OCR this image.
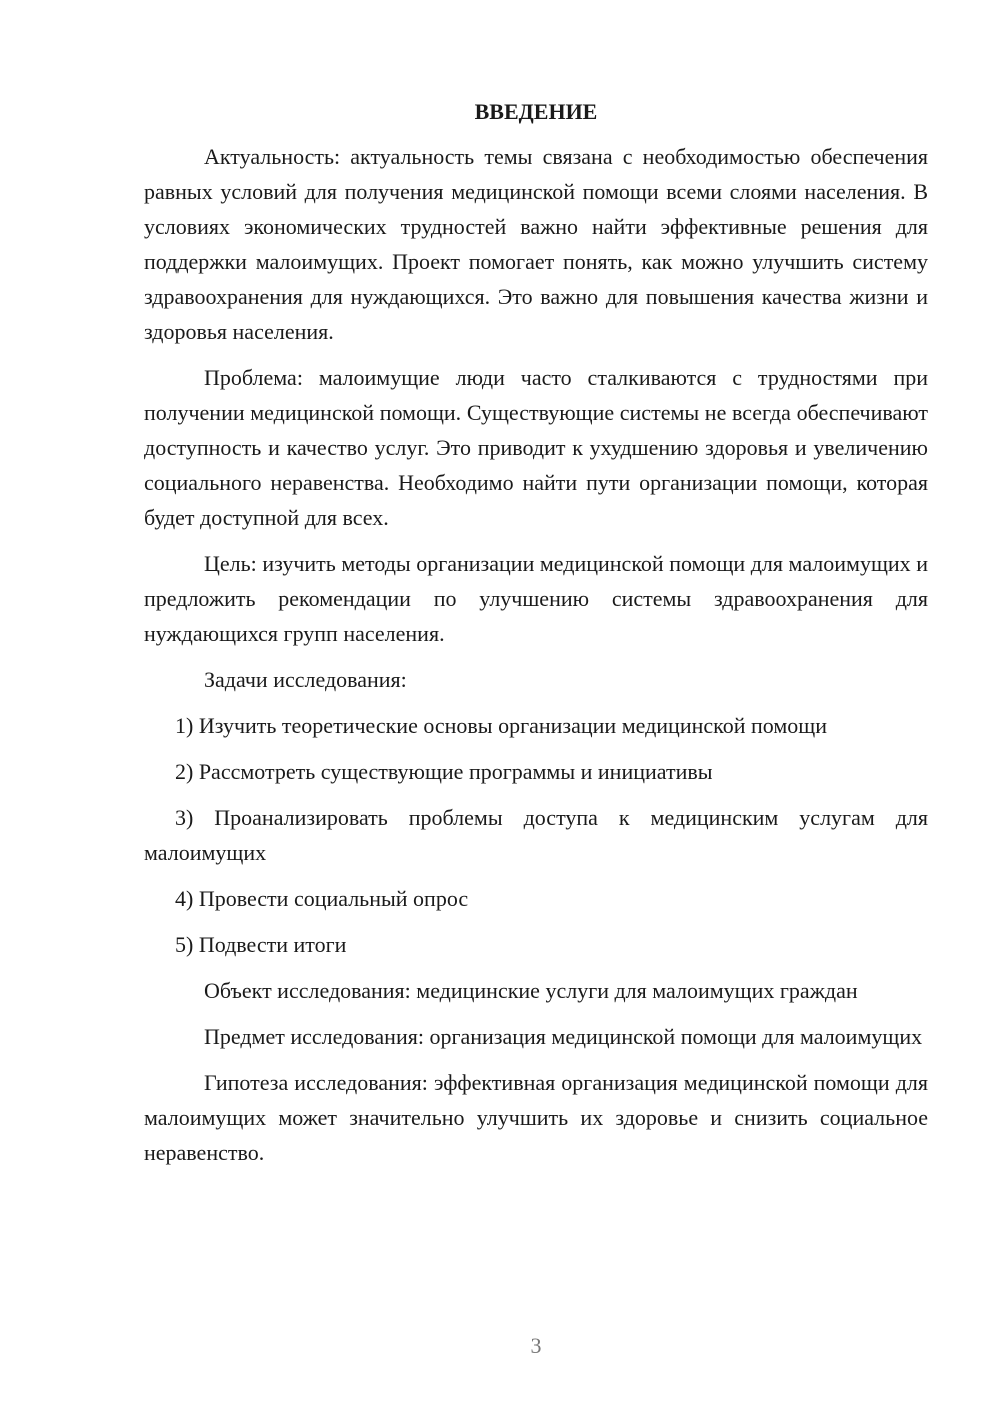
ВВЕДЕНИЕ

Актуальность: актуальность темы связана с необходимостью обеспечения равных условий для получения медицинской помощи всеми слоями населения. В условиях экономических трудностей важно найти эффективные решения для поддержки малоимущих. Проект помогает понять, как можно улучшить систему здравоохранения для нуждающихся. Это важно для повышения качества жизни и здоровья населения.

Проблема: малоимущие люди часто сталкиваются с трудностями при получении медицинской помощи. Существующие системы не всегда обеспечивают доступность и качество услуг. Это приводит к ухудшению здоровья и увеличению социального неравенства. Необходимо найти пути организации помощи, которая будет доступной для всех.

Цель: изучить методы организации медицинской помощи для малоимущих и предложить рекомендации по улучшению системы здравоохранения для нуждающихся групп населения.

Задачи исследования:

1) Изучить теоретические основы организации медицинской помощи

2) Рассмотреть существующие программы и инициативы

3) Проанализировать проблемы доступа к медицинским услугам для малоимущих

4) Провести социальный опрос

5) Подвести итоги

Объект исследования: медицинские услуги для малоимущих граждан

Предмет исследования: организация медицинской помощи для малоимущих

Гипотеза исследования: эффективная организация медицинской помощи для малоимущих может значительно улучшить их здоровье и снизить социальное неравенство.

3
